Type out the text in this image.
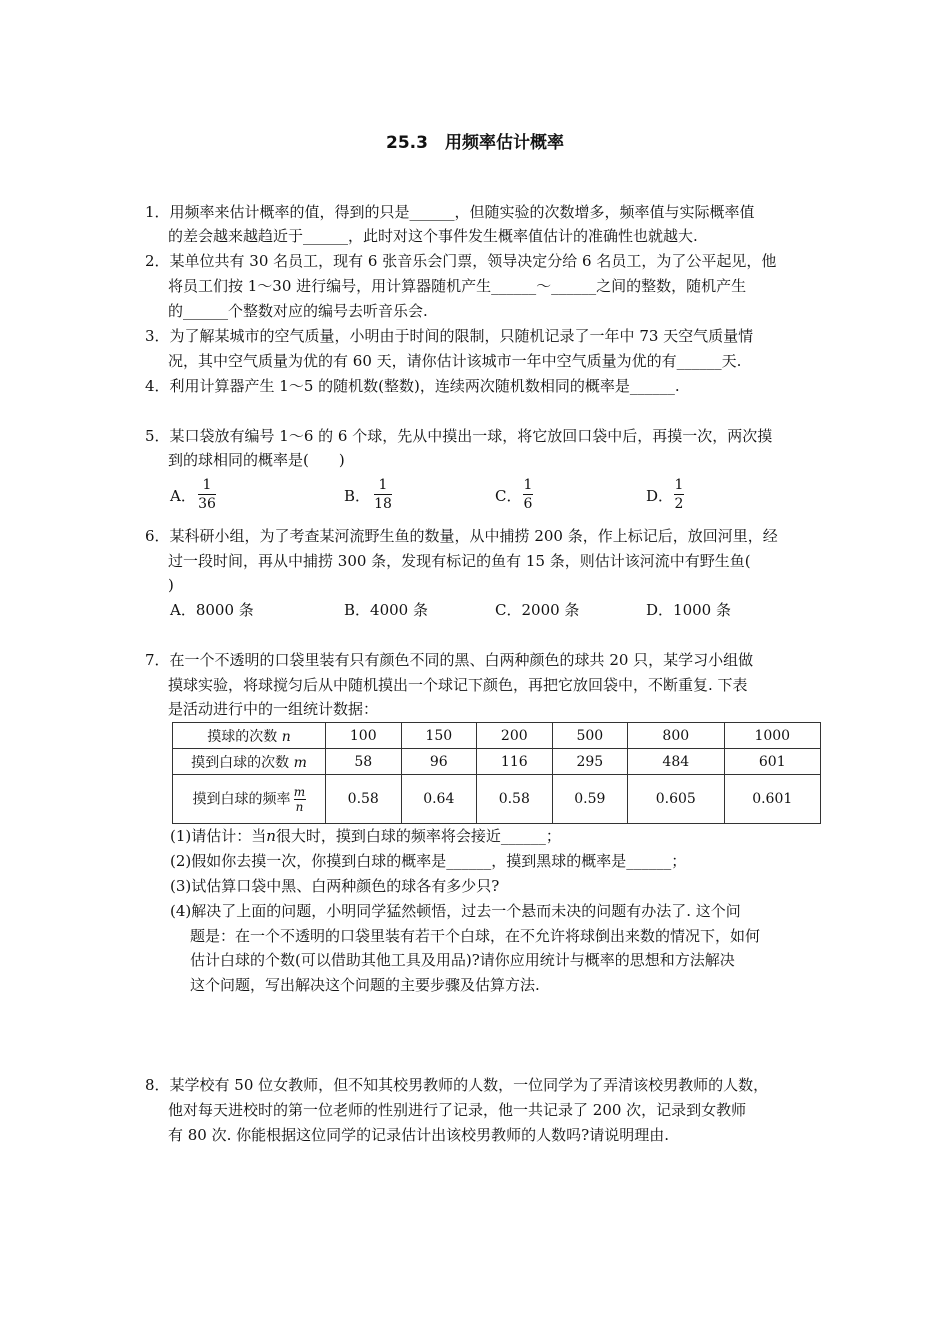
25.3　用频率估计概率
1．用频率来估计概率的值，得到的只是______，但随实验的次数增多，频率值与实际概率值
的差会越来越趋近于______，此时对这个事件发生概率值估计的准确性也就越大.
2．某单位共有 30 名员工，现有 6 张音乐会门票，领导决定分给 6 名员工，为了公平起见，他
将员工们按 1～30 进行编号，用计算器随机产生______～______之间的整数，随机产生
的______个整数对应的编号去听音乐会.
3．为了解某城市的空气质量，小明由于时间的限制，只随机记录了一年中 73 天空气质量情
况，其中空气质量为优的有 60 天，请你估计该城市一年中空气质量为优的有______天.
4．利用计算器产生 1～5 的随机数(整数)，连续两次随机数相同的概率是______.
5．某口袋放有编号 1～6 的 6 个球，先从中摸出一球，将它放回口袋中后，再摸一次，两次摸
到的球相同的概率是(　　)
A．
1
36	B．
1
18	C．
1
6	D．
1
2
6．某科研小组，为了考查某河流野生鱼的数量，从中捕捞 200 条，作上标记后，放回河里，经
过一段时间，再从中捕捞 300 条，发现有标记的鱼有 15 条，则估计该河流中有野生鱼(
)
A．8000 条	B．4000 条	C．2000 条	D．1000 条
7．在一个不透明的口袋里装有只有颜色不同的黑、白两种颜色的球共 20 只，某学习小组做
摸球实验，将球搅匀后从中随机摸出一个球记下颜色，再把它放回袋中，不断重复. 下表
是活动进行中的一组统计数据：
摸球的次数 n	100	150	200	500	800	1000
摸到白球的次数 m	58	96	116	295	484	601
摸到白球的频率 $\frac{m}{n}$	0.58	0.64	0.58	0.59	0.605	0.601
(1)请估计：当n很大时，摸到白球的频率将会接近______；
(2)假如你去摸一次，你摸到白球的概率是______，摸到黑球的概率是______；
(3)试估算口袋中黑、白两种颜色的球各有多少只?
(4)解决了上面的问题，小明同学猛然顿悟，过去一个悬而未决的问题有办法了. 这个问
题是：在一个不透明的口袋里装有若干个白球，在不允许将球倒出来数的情况下，如何
估计白球的个数(可以借助其他工具及用品)?请你应用统计与概率的思想和方法解决
这个问题，写出解决这个问题的主要步骤及估算方法.
8．某学校有 50 位女教师，但不知其校男教师的人数，一位同学为了弄清该校男教师的人数，
他对每天进校时的第一位老师的性别进行了记录，他一共记录了 200 次，记录到女教师
有 80 次. 你能根据这位同学的记录估计出该校男教师的人数吗?请说明理由.
